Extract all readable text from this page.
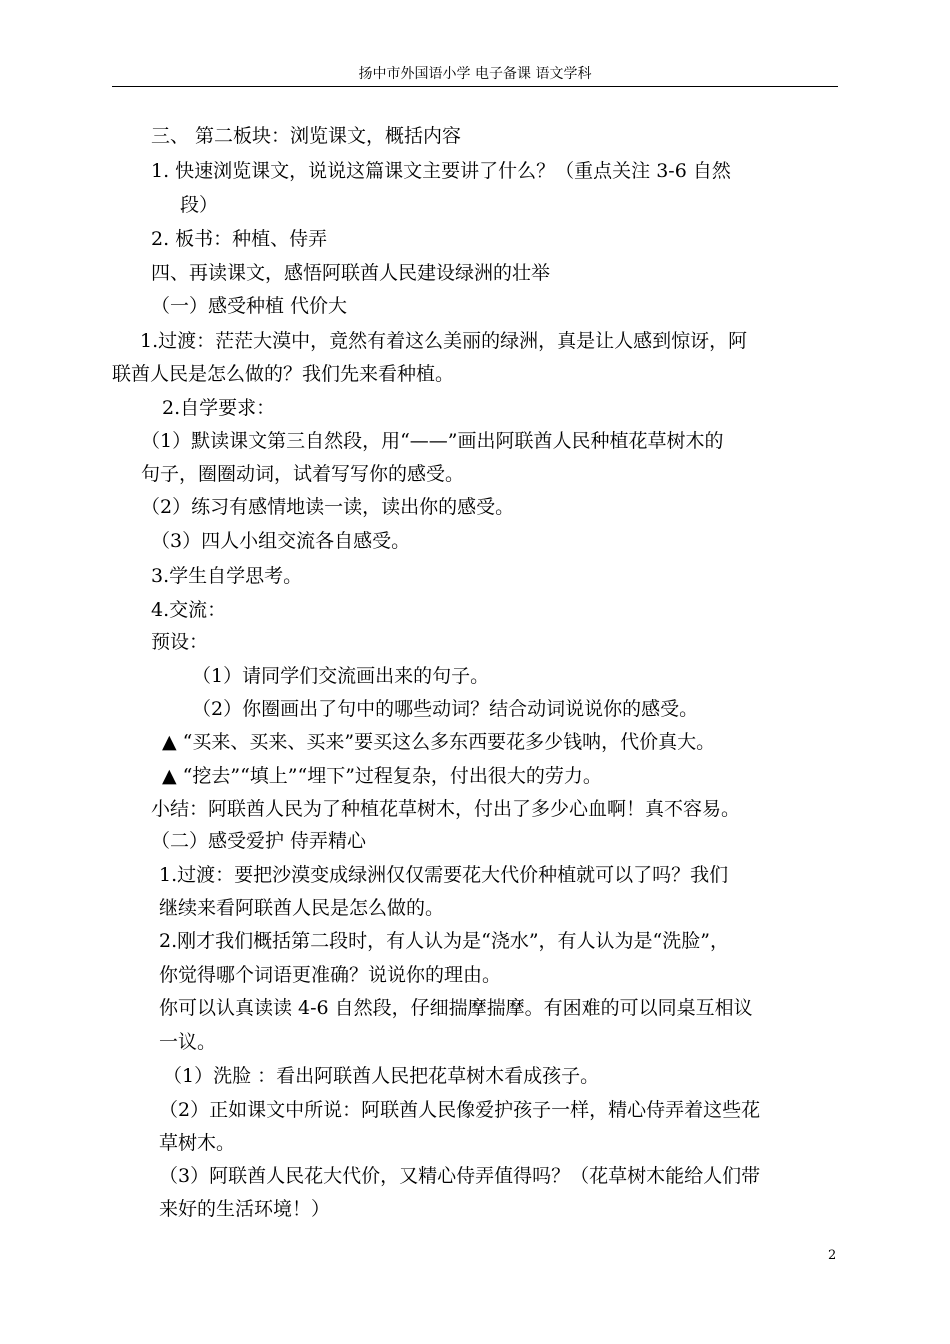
扬中市外国语小学 电子备课 语文学科
三、 第二板块：浏览课文，概括内容
1. 快速浏览课文，说说这篇课文主要讲了什么？（重点关注 3-6 自然
段）
2. 板书：种植、侍弄
四、再读课文，感悟阿联酋人民建设绿洲的壮举
（一）感受种植 代价大
1.过渡：茫茫大漠中，竟然有着这么美丽的绿洲，真是让人感到惊讶，阿
联酋人民是怎么做的？我们先来看种植。
2.自学要求：
（1）默读课文第三自然段，用“——”画出阿联酋人民种植花草树木的
句子，圈圈动词，试着写写你的感受。
（2）练习有感情地读一读，读出你的感受。
（3）四人小组交流各自感受。
3.学生自学思考。
4.交流：
预设：
（1）请同学们交流画出来的句子。
（2）你圈画出了句中的哪些动词？结合动词说说你的感受。
▲ “买来、买来、买来”要买这么多东西要花多少钱呐，代价真大。
▲ “挖去”“填上”“埋下”过程复杂，付出很大的劳力。
小结：阿联酋人民为了种植花草树木，付出了多少心血啊！真不容易。
（二）感受爱护 侍弄精心
1.过渡：要把沙漠变成绿洲仅仅需要花大代价种植就可以了吗？我们
继续来看阿联酋人民是怎么做的。
2.刚才我们概括第二段时，有人认为是“浇水”，有人认为是“洗脸”，
你觉得哪个词语更准确？说说你的理由。
你可以认真读读 4-6 自然段，仔细揣摩揣摩。有困难的可以同桌互相议
一议。
（1）洗脸 ：看出阿联酋人民把花草树木看成孩子。
（2）正如课文中所说：阿联酋人民像爱护孩子一样，精心侍弄着这些花
草树木。
（3）阿联酋人民花大代价，又精心侍弄值得吗？（花草树木能给人们带
来好的生活环境！）
2
